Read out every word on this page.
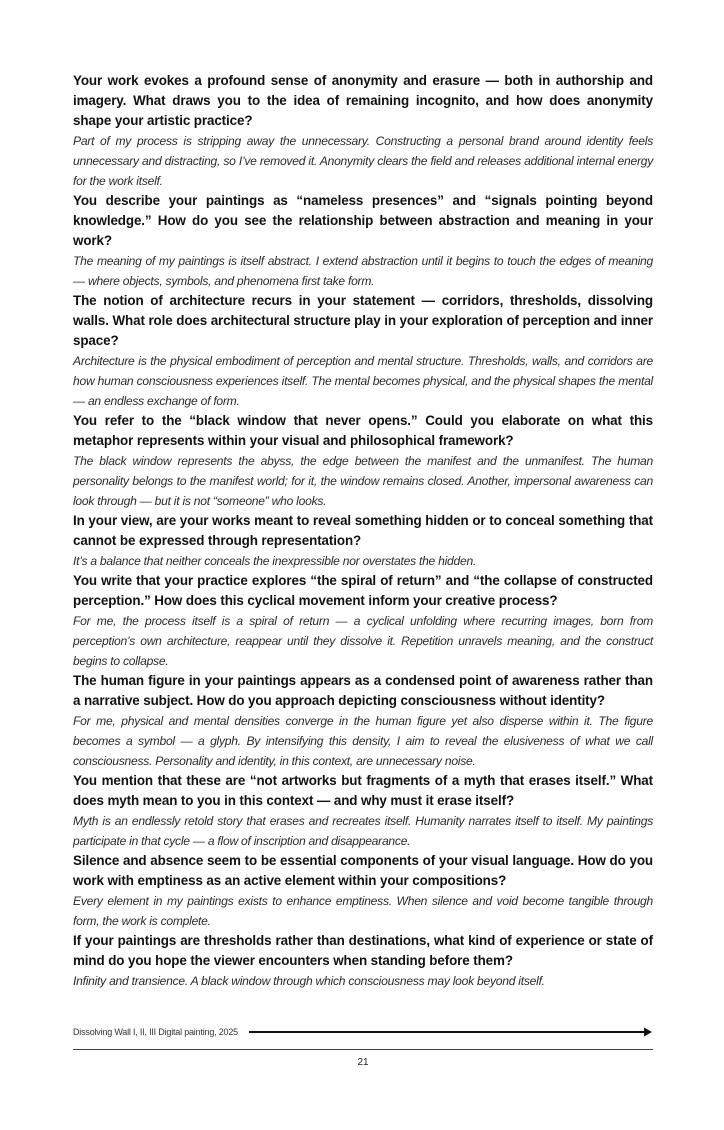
Your work evokes a profound sense of anonymity and erasure — both in authorship and imagery. What draws you to the idea of remaining incognito, and how does anonymity shape your artistic practice?

Part of my process is stripping away the unnecessary. Constructing a personal brand around identity feels unnecessary and distracting, so I’ve removed it. Anonymity clears the field and releases additional internal energy for the work itself.

You describe your paintings as “nameless presences” and “signals pointing beyond knowledge.” How do you see the relationship between abstraction and meaning in your work?

The meaning of my paintings is itself abstract. I extend abstraction until it begins to touch the edges of meaning — where objects, symbols, and phenomena first take form.

The notion of architecture recurs in your statement — corridors, thresholds, dissolving walls. What role does architectural structure play in your exploration of perception and inner space?

Architecture is the physical embodiment of perception and mental structure. Thresholds, walls, and corridors are how human consciousness experiences itself. The mental becomes physical, and the physical shapes the mental — an endless exchange of form.

You refer to the “black window that never opens.” Could you elaborate on what this metaphor represents within your visual and philosophical framework?

The black window represents the abyss, the edge between the manifest and the unmanifest. The human personality belongs to the manifest world; for it, the window remains closed. Another, impersonal awareness can look through — but it is not “someone” who looks.

In your view, are your works meant to reveal something hidden or to conceal something that cannot be expressed through representation?

It’s a balance that neither conceals the inexpressible nor overstates the hidden.

You write that your practice explores “the spiral of return” and “the collapse of constructed perception.” How does this cyclical movement inform your creative process?

For me, the process itself is a spiral of return — a cyclical unfolding where recurring images, born from perception’s own architecture, reappear until they dissolve it. Repetition unravels meaning, and the construct begins to collapse.

The human figure in your paintings appears as a condensed point of awareness rather than a narrative subject. How do you approach depicting consciousness without identity?

For me, physical and mental densities converge in the human figure yet also disperse within it. The figure becomes a symbol — a glyph. By intensifying this density, I aim to reveal the elusiveness of what we call consciousness. Personality and identity, in this context, are unnecessary noise.

You mention that these are “not artworks but fragments of a myth that erases itself.” What does myth mean to you in this context — and why must it erase itself?

Myth is an endlessly retold story that erases and recreates itself. Humanity narrates itself to itself. My paintings participate in that cycle — a flow of inscription and disappearance.

Silence and absence seem to be essential components of your visual language. How do you work with emptiness as an active element within your compositions?

Every element in my paintings exists to enhance emptiness. When silence and void become tangible through form, the work is complete.

If your paintings are thresholds rather than destinations, what kind of experience or state of mind do you hope the viewer encounters when standing before them?

Infinity and transience. A black window through which consciousness may look beyond itself.

Dissolving Wall I, II, III Digital painting, 2025
21
